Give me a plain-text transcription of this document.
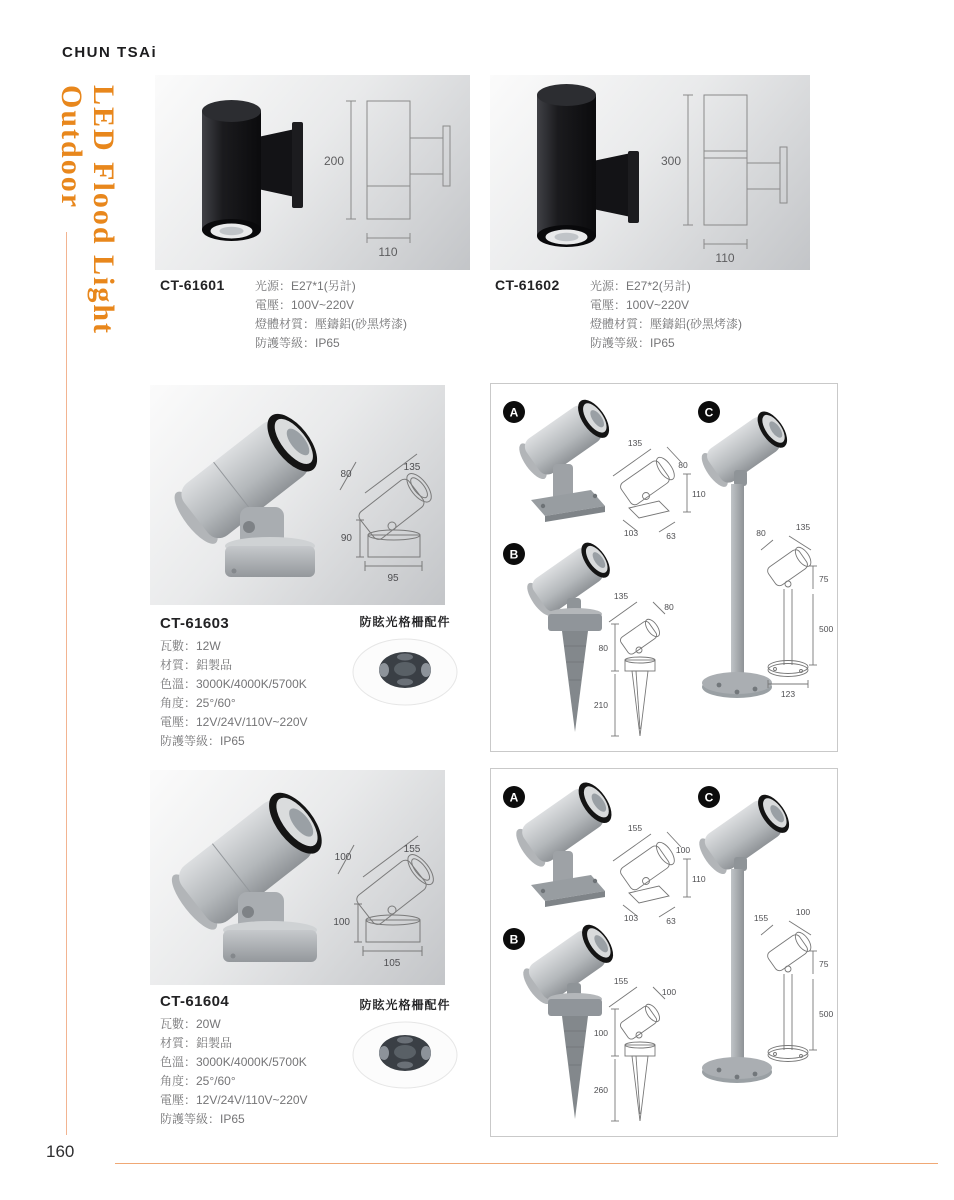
CHUN TSAi
LED Flood Light
Outdoor	200
110
300
110
CT-61601	光源：E27*1(另計)
電壓：100V~220V
燈體材質：壓鑄鋁(砂黑烤漆)
防護等級：IP65
CT-61602	光源：E27*2(另計)
電壓：100V~220V
燈體材質：壓鑄鋁(砂黑烤漆)
防護等級：IP65
80
135
90
95
A
135
80
110
103	63
B
135
80
80
210
C
80
135
75
500
123
CT-61603
瓦數：12W
材質：鋁製品
色溫：3000K/4000K/5700K
角度：25°/60°
電壓：12V/24V/110V~220V
防護等級：IP65
防眩光格柵配件
100
155
100
105
A
155
100
110
103	63
B
155
100
100
260
C
155
100
75
500
CT-61604
瓦數：20W
材質：鋁製品
色溫：3000K/4000K/5700K
角度：25°/60°
電壓：12V/24V/110V~220V
防護等級：IP65
防眩光格柵配件
160
